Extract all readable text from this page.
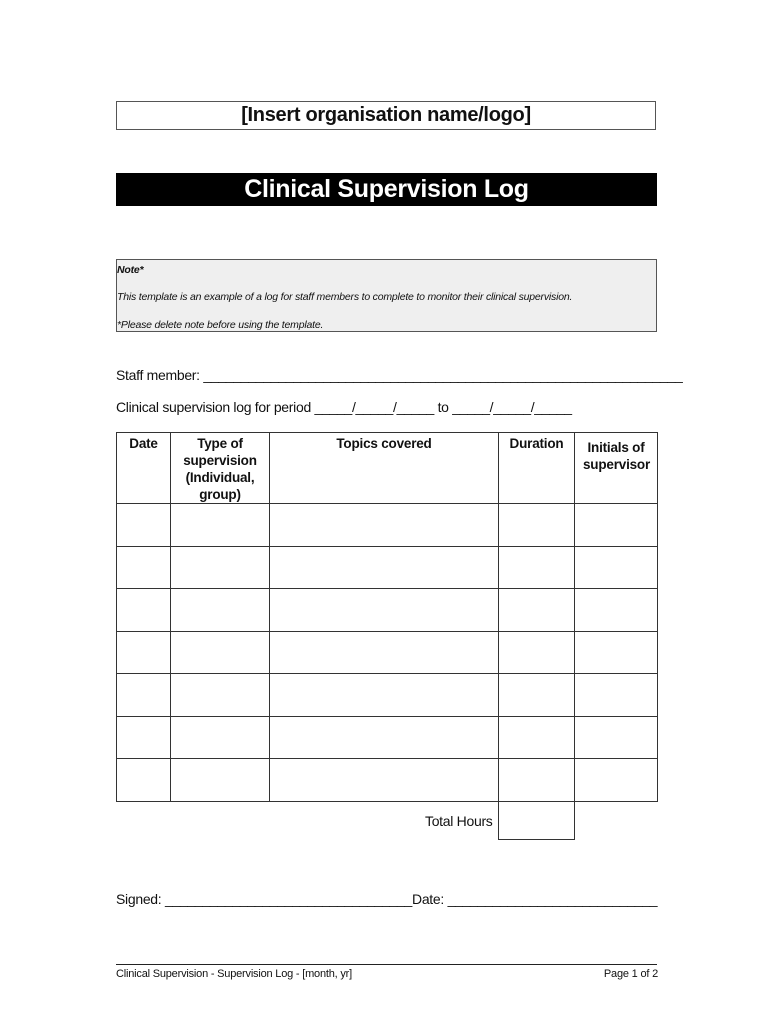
[Insert organisation name/logo]
Clinical Supervision Log
Note*
This template is an example of a log for staff members to complete to monitor their clinical supervision.
*Please delete note before using the template.
Staff member: ________________________________________________________________
Clinical supervision log for period _____/_____/_____ to _____/_____/_____
Date	Type of supervision (Individual, group)	Topics covered	Duration	Initials of supervisor

Total Hours
Signed: _________________________________Date: ____________________________
Clinical Supervision - Supervision Log - [month, yr]	Page 1 of 2
